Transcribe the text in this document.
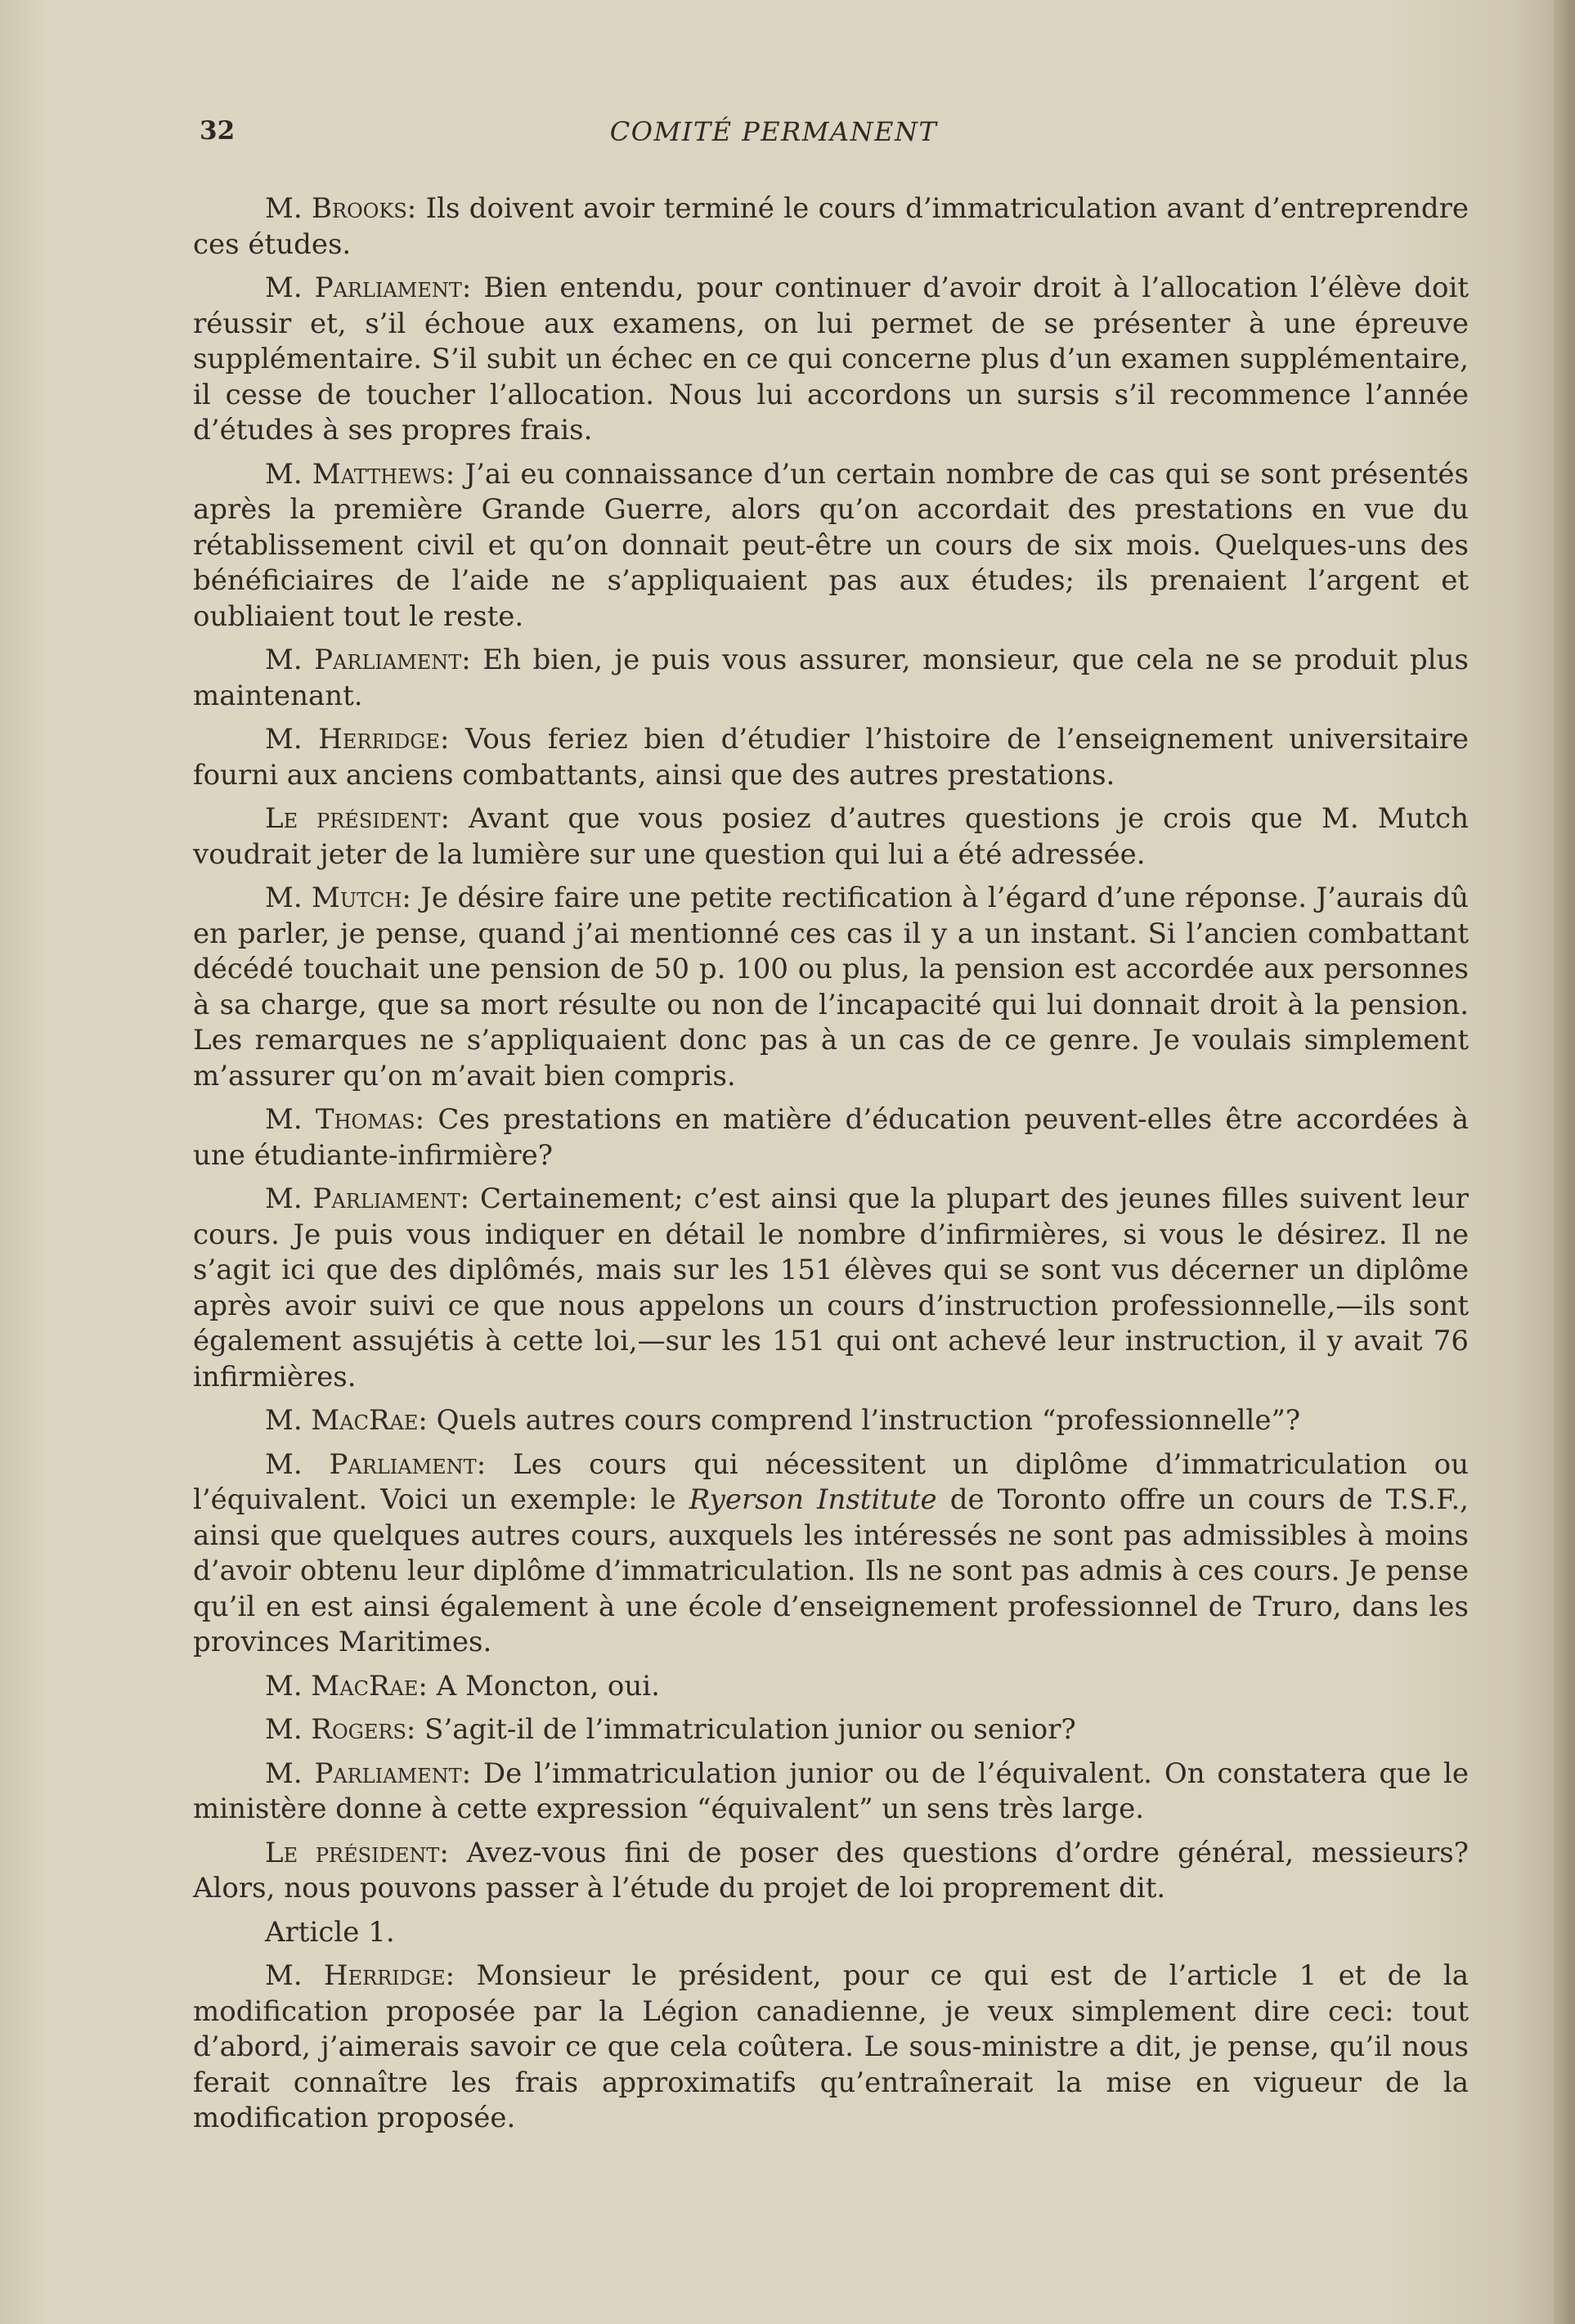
32	COMITÉ PERMANENT

M. Brooks: Ils doivent avoir terminé le cours d’immatriculation avant d’entreprendre ces études.

M. Parliament: Bien entendu, pour continuer d’avoir droit à l’allocation l’élève doit réussir et, s’il échoue aux examens, on lui permet de se présenter à une épreuve supplémentaire. S’il subit un échec en ce qui concerne plus d’un examen supplémentaire, il cesse de toucher l’allocation. Nous lui accordons un sursis s’il recommence l’année d’études à ses propres frais.

M. Matthews: J’ai eu connaissance d’un certain nombre de cas qui se sont présentés après la première Grande Guerre, alors qu’on accordait des prestations en vue du rétablissement civil et qu’on donnait peut-être un cours de six mois. Quelques-uns des bénéficiaires de l’aide ne s’appliquaient pas aux études; ils prenaient l’argent et oubliaient tout le reste.

M. Parliament: Eh bien, je puis vous assurer, monsieur, que cela ne se produit plus maintenant.

M. Herridge: Vous feriez bien d’étudier l’histoire de l’enseignement universitaire fourni aux anciens combattants, ainsi que des autres prestations.

Le président: Avant que vous posiez d’autres questions je crois que M. Mutch voudrait jeter de la lumière sur une question qui lui a été adressée.

M. Mutch: Je désire faire une petite rectification à l’égard d’une réponse. J’aurais dû en parler, je pense, quand j’ai mentionné ces cas il y a un instant. Si l’ancien combattant décédé touchait une pension de 50 p. 100 ou plus, la pension est accordée aux personnes à sa charge, que sa mort résulte ou non de l’incapacité qui lui donnait droit à la pension. Les remarques ne s’appliquaient donc pas à un cas de ce genre. Je voulais simplement m’assurer qu’on m’avait bien compris.

M. Thomas: Ces prestations en matière d’éducation peuvent-elles être accordées à une étudiante-infirmière?

M. Parliament: Certainement; c’est ainsi que la plupart des jeunes filles suivent leur cours. Je puis vous indiquer en détail le nombre d’infirmières, si vous le désirez. Il ne s’agit ici que des diplômés, mais sur les 151 élèves qui se sont vus décerner un diplôme après avoir suivi ce que nous appelons un cours d’instruction professionnelle,—ils sont également assujétis à cette loi,—sur les 151 qui ont achevé leur instruction, il y avait 76 infirmières.

M. MacRae: Quels autres cours comprend l’instruction “professionnelle”?

M. Parliament: Les cours qui nécessitent un diplôme d’immatriculation ou l’équivalent. Voici un exemple: le Ryerson Institute de Toronto offre un cours de T.S.F., ainsi que quelques autres cours, auxquels les intéressés ne sont pas admissibles à moins d’avoir obtenu leur diplôme d’immatriculation. Ils ne sont pas admis à ces cours. Je pense qu’il en est ainsi également à une école d’enseignement professionnel de Truro, dans les provinces Maritimes.

M. MacRae: A Moncton, oui.

M. Rogers: S’agit-il de l’immatriculation junior ou senior?

M. Parliament: De l’immatriculation junior ou de l’équivalent. On constatera que le ministère donne à cette expression “équivalent” un sens très large.

Le président: Avez-vous fini de poser des questions d’ordre général, messieurs? Alors, nous pouvons passer à l’étude du projet de loi proprement dit.

Article 1.

M. Herridge: Monsieur le président, pour ce qui est de l’article 1 et de la modification proposée par la Légion canadienne, je veux simplement dire ceci: tout d’abord, j’aimerais savoir ce que cela coûtera. Le sous-ministre a dit, je pense, qu’il nous ferait connaître les frais approximatifs qu’entraînerait la mise en vigueur de la modification proposée.
